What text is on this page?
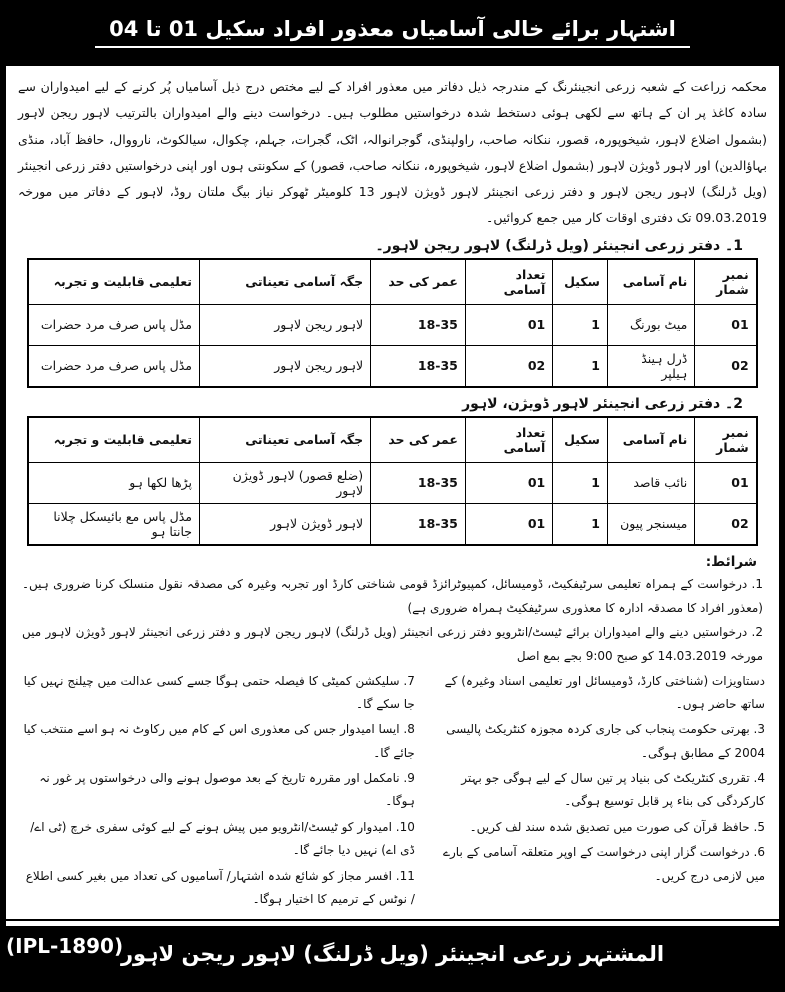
اشتہار برائے خالی آسامیاں معذور افراد سکیل 01 تا 04

محکمہ زراعت کے شعبہ زرعی انجینئرنگ کے مندرجہ ذیل دفاتر میں معذور افراد کے لیے مختص درج ذیل آسامیاں پُر کرنے کے لیے امیدواران سے سادہ کاغذ پر ان کے ہاتھ سے لکھی ہوئی دستخط شدہ درخواستیں مطلوب ہیں۔ درخواست دینے والے امیدواران بالترتیب لاہور ریجن لاہور (بشمول اضلاع لاہور، شیخوپورہ، قصور، ننکانہ صاحب، راولپنڈی، گوجرانوالہ، اٹک، گجرات، جہلم، چکوال، سیالکوٹ، نارووال، حافظ آباد، منڈی بہاؤالدین) اور لاہور ڈویژن لاہور (بشمول اضلاع لاہور، شیخوپورہ، ننکانہ صاحب، قصور) کے سکونتی ہوں اور اپنی درخواستیں دفتر زرعی انجینئر (ویل ڈرلنگ) لاہور ریجن لاہور و دفتر زرعی انجینئر لاہور ڈویژن لاہور 13 کلومیٹر ٹھوکر نیاز بیگ ملتان روڈ، لاہور کے دفاتر میں مورخہ 09.03.2019 تک دفتری اوقات کار میں جمع کروائیں۔

1۔ دفتر زرعی انجینئر (ویل ڈرلنگ) لاہور ریجن لاہور۔
نمبر شمار	نام آسامی	سکیل	تعداد آسامی	عمر کی حد	جگہ آسامی تعیناتی	تعلیمی قابلیت و تجربہ
01	میٹ بورنگ	1	01	18-35	لاہور ریجن لاہور	مڈل پاس صرف مرد حضرات
02	ڈرل ہینڈ ہیلپر	1	02	18-35	لاہور ریجن لاہور	مڈل پاس صرف مرد حضرات
2۔ دفتر زرعی انجینئر لاہور ڈویژن، لاہور
نمبر شمار	نام آسامی	سکیل	تعداد آسامی	عمر کی حد	جگہ آسامی تعیناتی	تعلیمی قابلیت و تجربہ
01	نائب قاصد	1	01	18-35	(ضلع قصور) لاہور ڈویژن لاہور	پڑھا لکھا ہو
02	میسنجر پیون	1	01	18-35	لاہور ڈویژن لاہور	مڈل پاس مع بائیسکل چلانا جانتا ہو
شرائط:
1. درخواست کے ہمراہ تعلیمی سرٹیفکیٹ، ڈومیسائل، کمپیوٹرائزڈ قومی شناختی کارڈ اور تجربہ وغیرہ کی مصدقہ نقول منسلک کرنا ضروری ہیں۔ (معذور افراد کا مصدقہ ادارہ کا معذوری سرٹیفکیٹ ہمراہ ضروری ہے)
2. درخواستیں دینے والے امیدواران برائے ٹیسٹ/انٹرویو دفتر زرعی انجینئر (ویل ڈرلنگ) لاہور ریجن لاہور و دفتر زرعی انجینئر لاہور ڈویژن لاہور میں مورخہ 14.03.2019 کو صبح 9:00 بجے بمع اصل
دستاویزات (شناختی کارڈ، ڈومیسائل اور تعلیمی اسناد وغیرہ) کے ساتھ حاضر ہوں۔
3. بھرتی حکومت پنجاب کی جاری کردہ مجوزہ کنٹریکٹ پالیسی 2004 کے مطابق ہوگی۔
4. تقرری کنٹریکٹ کی بنیاد پر تین سال کے لیے ہوگی جو بہتر کارکردگی کی بناء پر قابل توسیع ہوگی۔
5. حافظ قرآن کی صورت میں تصدیق شدہ سند لف کریں۔
6. درخواست گزار اپنی درخواست کے اوپر متعلقہ آسامی کے بارے میں لازمی درج کریں۔
7. سلیکشن کمیٹی کا فیصلہ حتمی ہوگا جسے کسی عدالت میں چیلنج نہیں کیا جا سکے گا۔
8. ایسا امیدوار جس کی معذوری اس کے کام میں رکاوٹ نہ ہو اسے منتخب کیا جائے گا۔
9. نامکمل اور مقررہ تاریخ کے بعد موصول ہونے والی درخواستوں پر غور نہ ہوگا۔
10. امیدوار کو ٹیسٹ/انٹرویو میں پیش ہونے کے لیے کوئی سفری خرچ (ٹی اے/ڈی اے) نہیں دیا جائے گا۔
11. افسر مجاز کو شائع شدہ اشتہار/ آسامیوں کی تعداد میں بغیر کسی اطلاع / نوٹس کے ترمیم کا اختیار ہوگا۔
(IPL-1890)
المشتہر زرعی انجینئر (ویل ڈرلنگ) لاہور ریجن لاہور
